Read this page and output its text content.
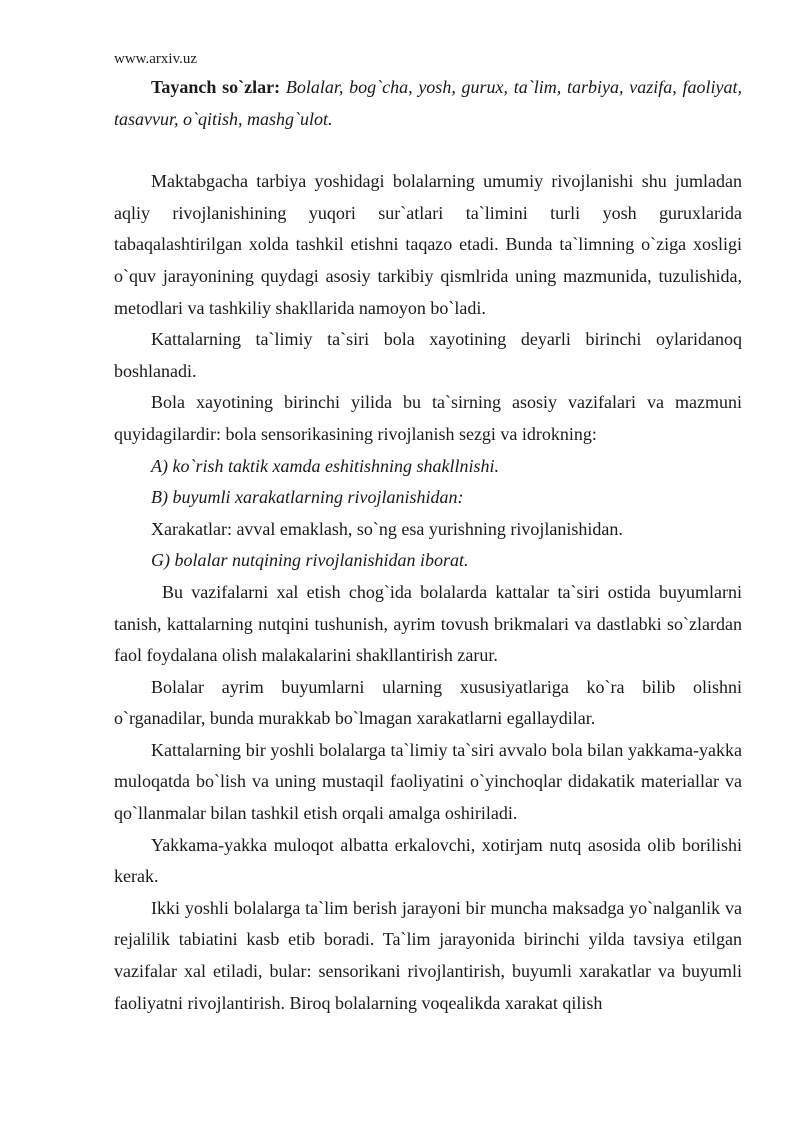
www.arxiv.uz

Tayanch so`zlar: Bolalar, bog`cha, yosh, gurux, ta`lim, tarbiya, vazifa, faoliyat, tasavvur, o`qitish, mashg`ulot.

Maktabgacha tarbiya yoshidagi bolalarning umumiy rivojlanishi shu jumladan aqliy rivojlanishining yuqori sur`atlari ta`limini turli yosh guruxlarida tabaqalashtirilgan xolda tashkil etishni taqazo etadi. Bunda ta`limning o`ziga xosligi o`quv jarayonining quydagi asosiy tarkibiy qismlrida uning mazmunida, tuzulishida, metodlari va tashkiliy shakllarida namoyon bo`ladi.

Kattalarning ta`limiy ta`siri bola xayotining deyarli birinchi oylaridanoq boshlanadi.

Bola xayotining birinchi yilida bu ta`sirning asosiy vazifalari va mazmuni quyidagilardir: bola sensorikasining rivojlanish sezgi va idrokning:

A) ko`rish taktik xamda eshitishning shakllnishi.

B) buyumli xarakatlarning rivojlanishidan:

Xarakatlar: avval emaklash, so`ng esa yurishning rivojlanishidan.

G) bolalar nutqining rivojlanishidan iborat.

Bu vazifalarni xal etish chog`ida bolalarda kattalar ta`siri ostida buyumlarni tanish, kattalarning nutqini tushunish, ayrim tovush brikmalari va dastlabki so`zlardan faol foydalana olish malakalarini shakllantirish zarur.

Bolalar ayrim buyumlarni ularning xususiyatlariga ko`ra bilib olishni o`rganadilar, bunda murakkab bo`lmagan xarakatlarni egallaydilar.

Kattalarning bir yoshli bolalarga ta`limiy ta`siri avvalo bola bilan yakkama-yakka muloqatda bo`lish va uning mustaqil faoliyatini o`yinchoqlar didakatik materiallar va qo`llanmalar bilan tashkil etish orqali amalga oshiriladi.

Yakkama-yakka muloqot albatta erkalovchi, xotirjam nutq asosida olib borilishi kerak.

Ikki yoshli bolalarga ta`lim berish jarayoni bir muncha maksadga yo`nalganlik va rejalilik tabiatini kasb etib boradi. Ta`lim jarayonida birinchi yilda tavsiya etilgan vazifalar xal etiladi, bular: sensorikani rivojlantirish, buyumli xarakatlar va buyumli faoliyatni rivojlantirish. Biroq bolalarning voqealikda xarakat qilish
